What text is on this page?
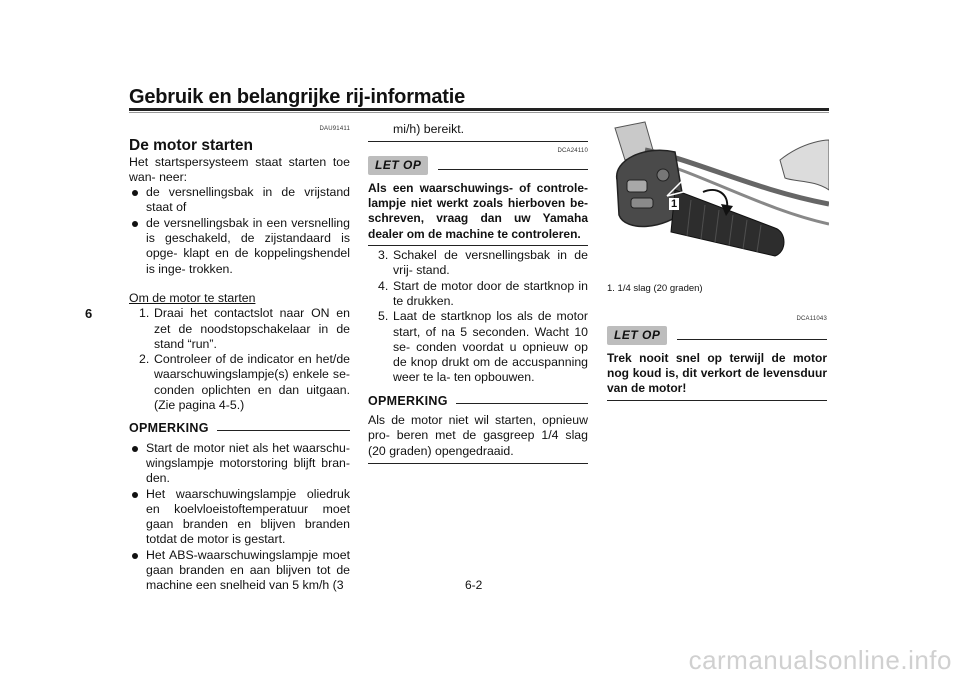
Gebruik en belangrijke rij-informatie
6
DAU91411
De motor starten

Het startspersysteem staat starten toe wan- neer:

de versnellingsbak in de vrijstand staat of
de versnellingsbak in een versnelling is geschakeld, de zijstandaard is opge- klapt en de koppelingshendel is inge- trokken.
Om de motor te starten
1. Draai het contactslot naar ON en zet de noodstopschakelaar in de stand “run”.
2. Controleer of de indicator en het/de waarschuwingslampje(s) enkele se- conden oplichten en dan uitgaan. (Zie pagina 4-5.)
OPMERKING
Start de motor niet als het waarschu- wingslampje motorstoring blijft bran- den.
Het waarschuwingslampje oliedruk en koelvloeistoftemperatuur moet gaan branden en blijven branden totdat de motor is gestart.
Het ABS-waarschuwingslampje moet gaan branden en aan blijven tot de machine een snelheid van 5 km/h (3
mi/h) bereikt.
DCA24110
LET OP

Als een waarschuwings- of controle- lampje niet werkt zoals hierboven be- schreven, vraag dan uw Yamaha dealer om de machine te controleren.

3. Schakel de versnellingsbak in de vrij- stand.
4. Start de motor door de startknop in te drukken.
5. Laat de startknop los als de motor start, of na 5 seconden. Wacht 10 se- conden voordat u opnieuw op de knop drukt om de accuspanning weer te la- ten opbouwen.
OPMERKING

Als de motor niet wil starten, opnieuw pro- beren met de gasgreep 1/4 slag (20 graden) opengedraaid.

1
1. 1/4 slag (20 graden)
DCA11043
LET OP

Trek nooit snel op terwijl de motor nog koud is, dit verkort de levensduur van de motor!

6-2
carmanualsonline.info
